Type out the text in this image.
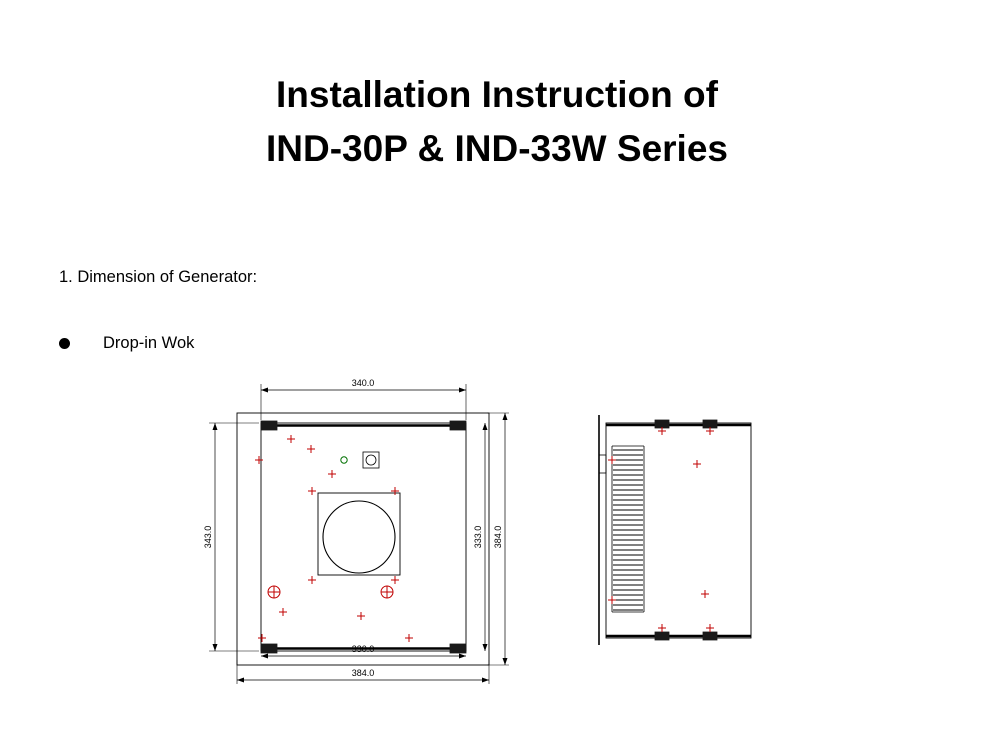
Installation Instruction of
IND-30P & IND-33W Series
1. Dimension of Generator:
Drop-in Wok
340.0
343.0	333.0 384.0
330.0
384.0
